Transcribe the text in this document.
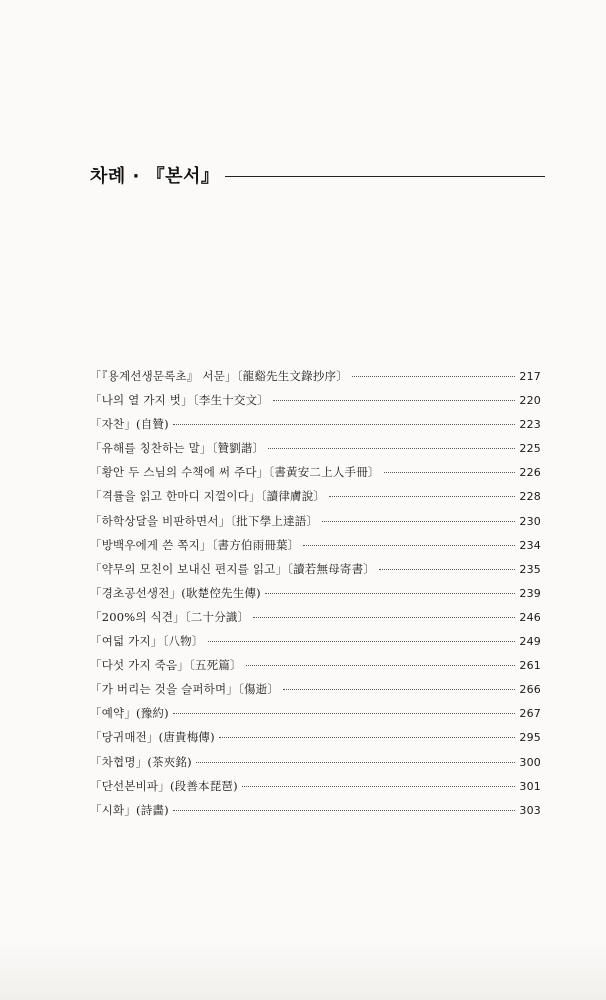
차례 · 『본서』
「『용계선생문록초』 서문」〔龍谿先生文錄抄序〕	217
「나의 열 가지 벗」〔李生十交文〕	220
「자찬」(自贊)	223
「유해를 칭찬하는 말」〔贊劉諧〕	225
「황안 두 스님의 수책에 써 주다」〔書黃安二上人手冊〕	226
「격률을 읽고 한마디 지껄이다」〔讀律膚說〕	228
「하학상달을 비판하면서」〔批下學上達語〕	230
「방백우에게 쓴 쪽지」〔書方伯雨冊葉〕	234
「약무의 모친이 보내신 편지를 읽고」〔讀若無母寄書〕	235
「경초공선생전」(耿楚倥先生傳)	239
「200%의 식견」〔二十分識〕	246
「여덟 가지」〔八物〕	249
「다섯 가지 죽음」〔五死篇〕	261
「가 버리는 것을 슬퍼하며」〔傷逝〕	266
「예약」(豫約)	267
「당귀매전」(唐貴梅傳)	295
「차협명」(茶夾銘)	300
「단선본비파」(段善本琵琶)	301
「시화」(詩畵)	303
